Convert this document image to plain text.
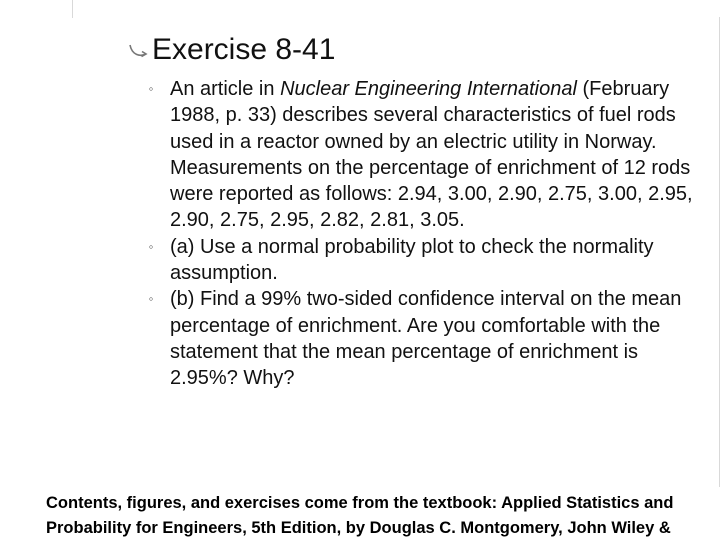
Exercise 8-41
◦ An article in Nuclear Engineering International (February 1988, p. 33) describes several characteristics of fuel rods used in a reactor owned by an electric utility in Norway. Measurements on the percentage of enrichment of 12 rods were reported as follows: 2.94, 3.00, 2.90, 2.75, 3.00, 2.95, 2.90, 2.75, 2.95, 2.82, 2.81, 3.05.
◦ (a) Use a normal probability plot to check the normality assumption.
◦ (b) Find a 99% two-sided confidence interval on the mean percentage of enrichment. Are you comfortable with the statement that the mean percentage of enrichment is 2.95%? Why?
Contents, figures, and exercises come from the textbook: Applied Statistics and
Probability for Engineers, 5th Edition, by Douglas C. Montgomery, John Wiley &
